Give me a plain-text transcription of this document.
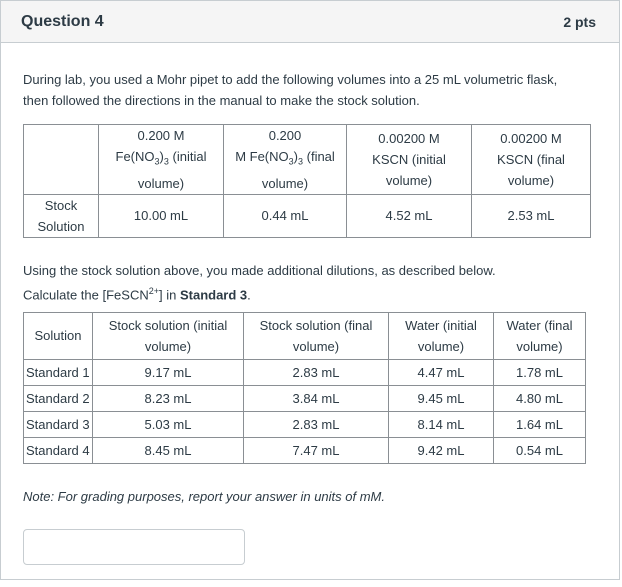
Question 4	2 pts

During lab, you used a Mohr pipet to add the following volumes into a 25 mL volumetric flask, then followed the directions in the manual to make the stock solution.

	0.200 M
$Fe(NO_3)_3$ (initial
volume)	0.200
M $Fe(NO_3)_3$ (final
volume)	0.00200 M
KSCN (initial
volume)	0.00200 M
KSCN (final
volume)
Stock
Solution	10.00 mL	0.44 mL	4.52 mL	2.53 mL

Using the stock solution above, you made additional dilutions, as described below.
Calculate the [FeSCN$^{2+}$] in Standard 3.

Solution	Stock solution (initial
volume)	Stock solution (final
volume)	Water (initial
volume)	Water (final
volume)
Standard 1	9.17 mL	2.83 mL	4.47 mL	1.78 mL
Standard 2	8.23 mL	3.84 mL	9.45 mL	4.80 mL
Standard 3	5.03 mL	2.83 mL	8.14 mL	1.64 mL
Standard 4	8.45 mL	7.47 mL	9.42 mL	0.54 mL

Note: For grading purposes, report your answer in units of mM.
